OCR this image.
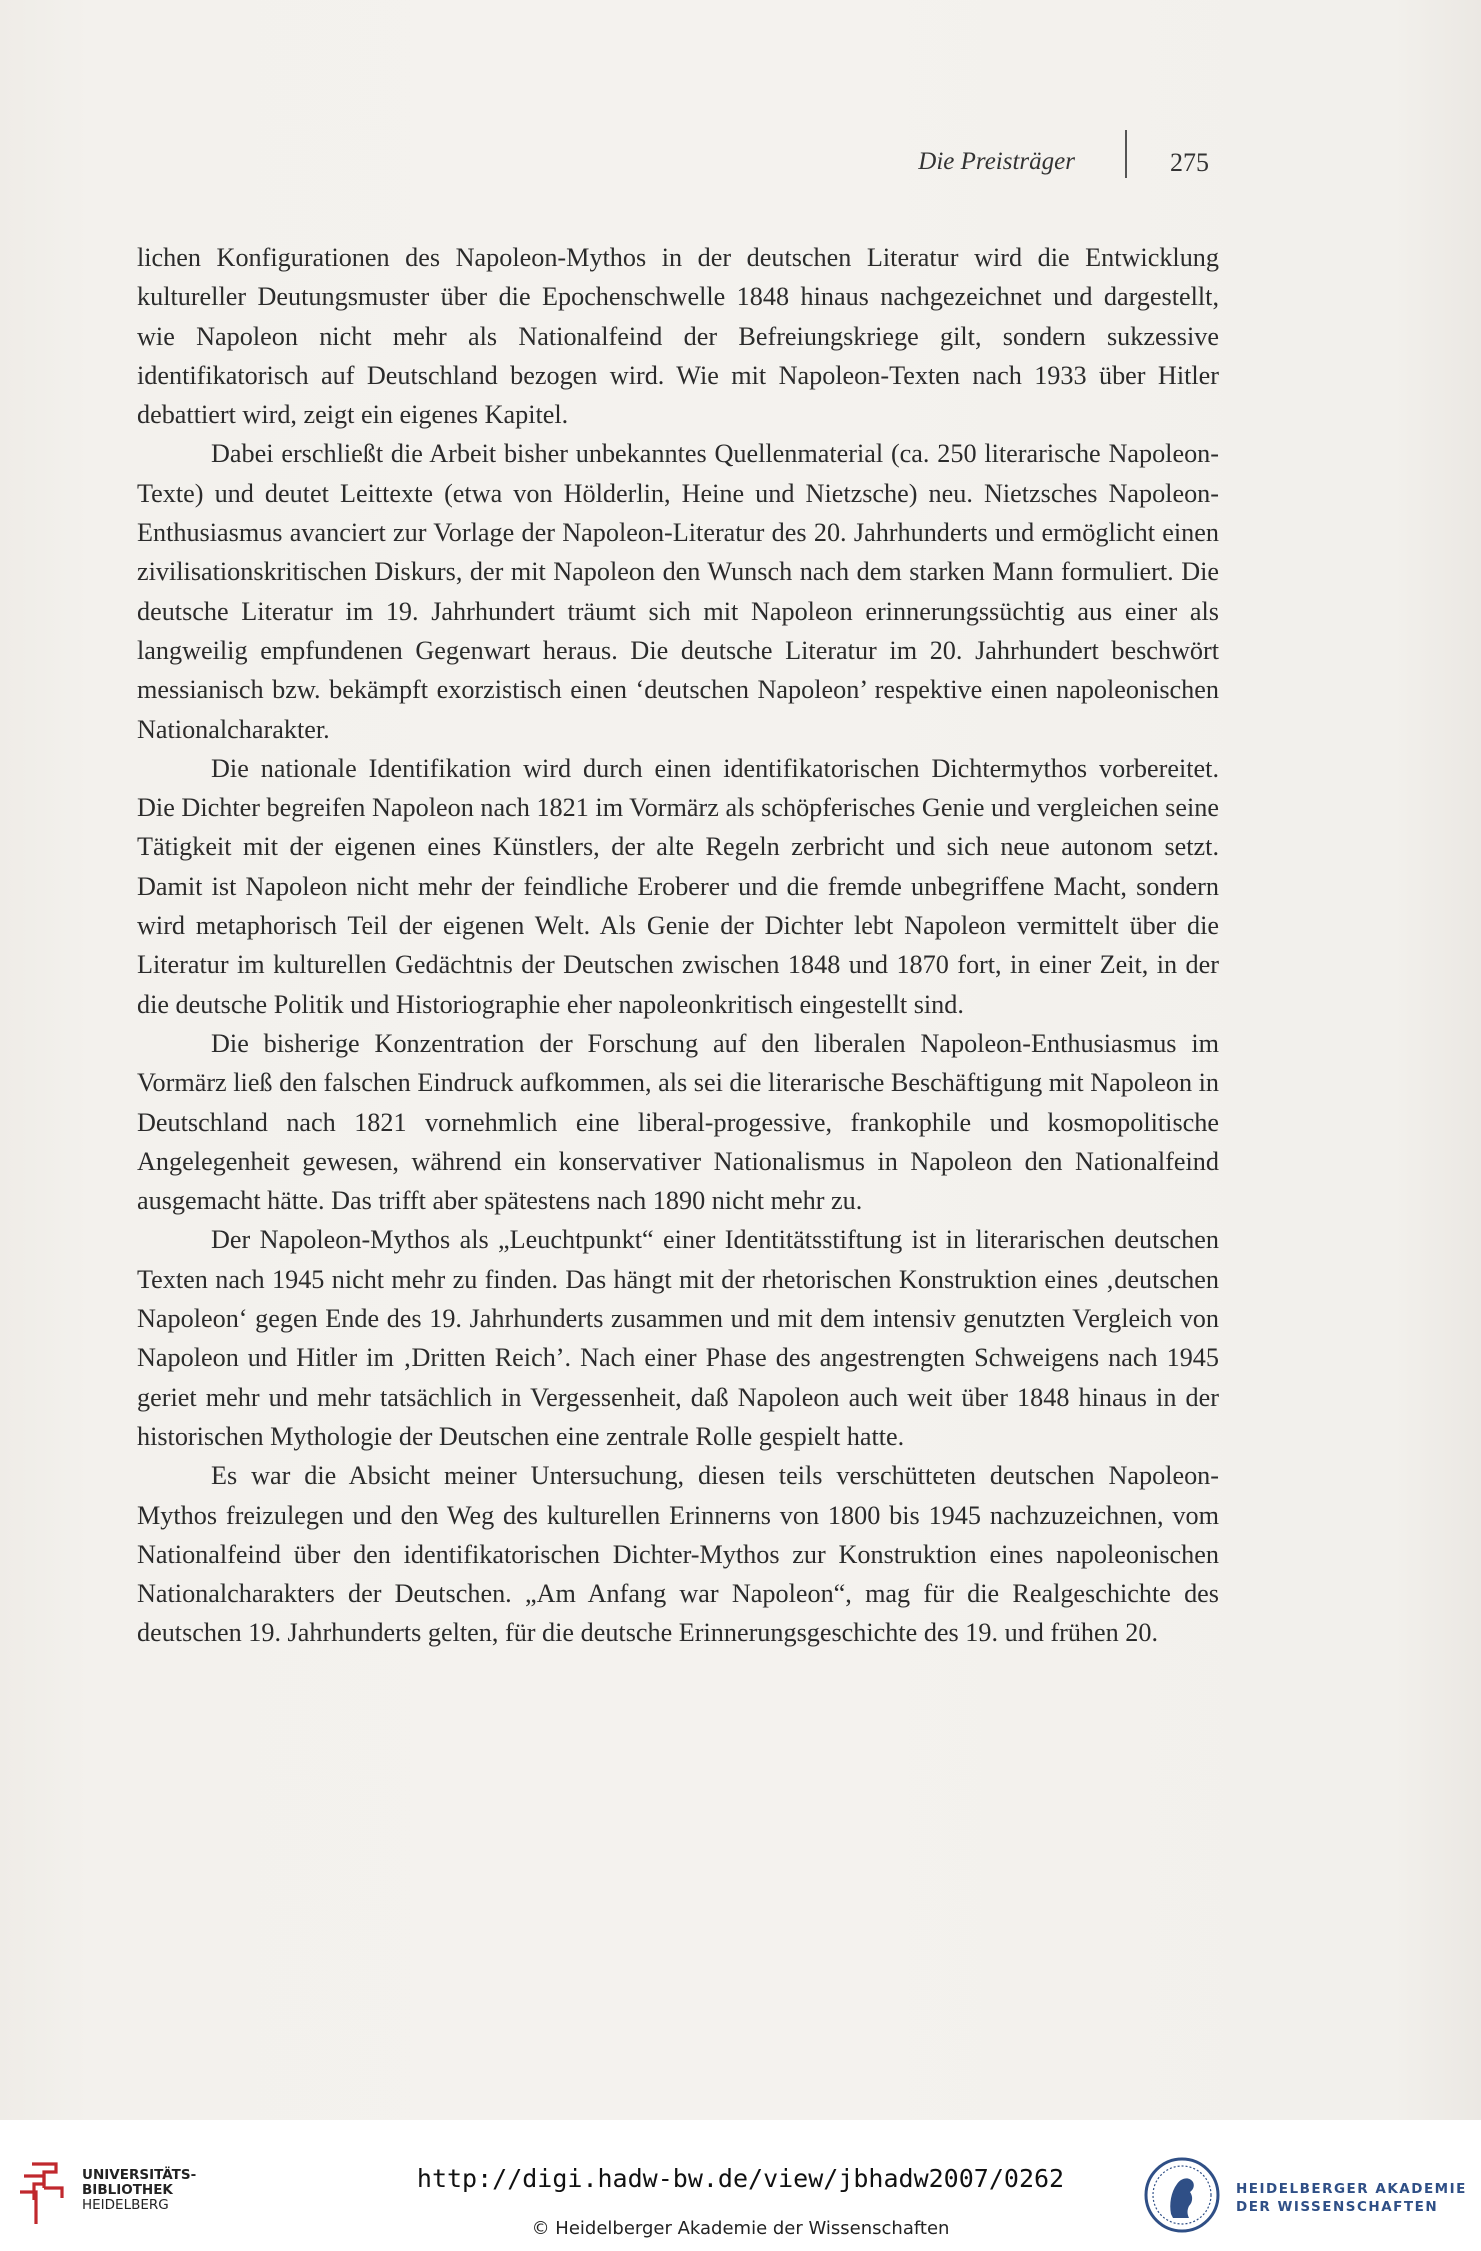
Die Preisträger	275

lichen Konfigurationen des Napoleon-Mythos in der deutschen Literatur wird die Entwicklung kultureller Deutungsmuster über die Epochenschwelle 1848 hinaus nachgezeichnet und dargestellt, wie Napoleon nicht mehr als Nationalfeind der Befreiungskriege gilt, sondern sukzessive identifikatorisch auf Deutschland bezogen wird. Wie mit Napoleon-Texten nach 1933 über Hitler debattiert wird, zeigt ein eigenes Kapitel.

Dabei erschließt die Arbeit bisher unbekanntes Quellenmaterial (ca. 250 literarische Napoleon-Texte) und deutet Leittexte (etwa von Hölderlin, Heine und Nietzsche) neu. Nietzsches Napoleon-Enthusiasmus avanciert zur Vorlage der Napoleon-Literatur des 20. Jahrhunderts und ermöglicht einen zivilisationskritischen Diskurs, der mit Napoleon den Wunsch nach dem starken Mann formuliert. Die deutsche Literatur im 19. Jahrhundert träumt sich mit Napoleon erinnerungssüchtig aus einer als langweilig empfundenen Gegenwart heraus. Die deutsche Literatur im 20. Jahrhundert beschwört messianisch bzw. bekämpft exorzistisch einen ‘deutschen Napoleon’ respektive einen napoleonischen Nationalcharakter.

Die nationale Identifikation wird durch einen identifikatorischen Dichtermythos vorbereitet. Die Dichter begreifen Napoleon nach 1821 im Vormärz als schöpferisches Genie und vergleichen seine Tätigkeit mit der eigenen eines Künstlers, der alte Regeln zerbricht und sich neue autonom setzt. Damit ist Napoleon nicht mehr der feindliche Eroberer und die fremde unbegriffene Macht, sondern wird metaphorisch Teil der eigenen Welt. Als Genie der Dichter lebt Napoleon vermittelt über die Literatur im kulturellen Gedächtnis der Deutschen zwischen 1848 und 1870 fort, in einer Zeit, in der die deutsche Politik und Historiographie eher napoleonkritisch eingestellt sind.

Die bisherige Konzentration der Forschung auf den liberalen Napoleon-Enthusiasmus im Vormärz ließ den falschen Eindruck aufkommen, als sei die literarische Beschäftigung mit Napoleon in Deutschland nach 1821 vornehmlich eine liberal-progessive, frankophile und kosmopolitische Angelegenheit gewesen, während ein konservativer Nationalismus in Napoleon den Nationalfeind ausgemacht hätte. Das trifft aber spätestens nach 1890 nicht mehr zu.

Der Napoleon-Mythos als „Leuchtpunkt“ einer Identitätsstiftung ist in literarischen deutschen Texten nach 1945 nicht mehr zu finden. Das hängt mit der rhetorischen Konstruktion eines ‚deutschen Napoleon‘ gegen Ende des 19. Jahrhunderts zusammen und mit dem intensiv genutzten Vergleich von Napoleon und Hitler im ‚Dritten Reich’. Nach einer Phase des angestrengten Schweigens nach 1945 geriet mehr und mehr tatsächlich in Vergessenheit, daß Napoleon auch weit über 1848 hinaus in der historischen Mythologie der Deutschen eine zentrale Rolle gespielt hatte.

Es war die Absicht meiner Untersuchung, diesen teils verschütteten deutschen Napoleon-Mythos freizulegen und den Weg des kulturellen Erinnerns von 1800 bis 1945 nachzuzeichnen, vom Nationalfeind über den identifikatorischen Dichter-Mythos zur Konstruktion eines napoleonischen Nationalcharakters der Deutschen. „Am Anfang war Napoleon“, mag für die Realgeschichte des deutschen 19. Jahrhunderts gelten, für die deutsche Erinnerungsgeschichte des 19. und frühen 20.

UNIVERSITÄTS-
BIBLIOTHEK
HEIDELBERG
http://digi.hadw-bw.de/view/jbhadw2007/0262
© Heidelberger Akademie der Wissenschaften
HEIDELBERGER AKADEMIE
DER WISSENSCHAFTEN
